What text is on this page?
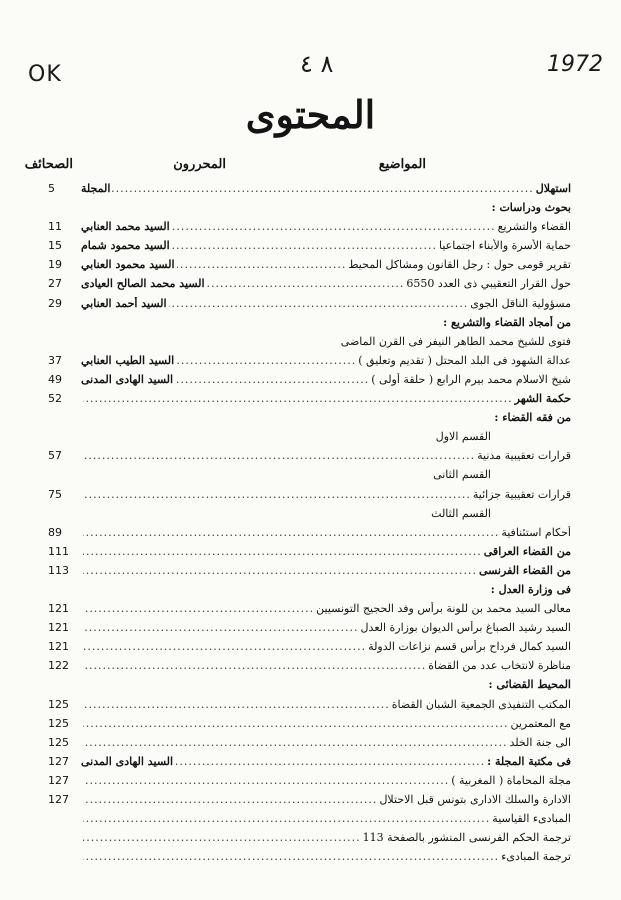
OK	٨ ٤	1972
المحتوى
المواضيع
المحررون
الصحائف
استهلال
.....
المجلة
5
بحوث ودراسات :
القضاء والتشريع
.....
السيد محمد العنابي
11
حماية الأسرة والأبناء اجتماعيا
.....
السيد محمود شمام
15
تقرير قومى حول : رجل القانون ومشاكل المحيط
.....
السيد محمود العنابي
19
حول القرار التعقيبي ذى العدد 6550
.....
السيد محمد الصالح العيادى
27
مسؤولية الناقل الجوى
.....
السيد أحمد العنابي
29
من أمجاد القضاء والتشريع :
فتوى للشيخ محمد الطاهر النيفر فى القرن الماضى
عدالة الشهود فى البلد المحتل ( تقديم وتعليق )
.....
السيد الطيب العنابي
37
شيخ الاسلام محمد بيرم الرابع ( حلقة أولى )
.....
السيد الهادى المدنى
49
حكمة الشهر
.....
52
من فقه القضاء :
القسم الاول
قرارات تعقيبية مدنية
.....
57
القسم الثانى
قرارات تعقيبية جزائية
.....
75
القسم الثالث
أحكام استئنافية
.....
89
من القضاء العراقى
.....
111
من القضاء الفرنسى
.....
113
فى وزارة العدل :
معالى السيد محمد بن للونة برأس وفد الحجيج التونسيين
.....
121
السيد رشيد الصباغ برأس الديوان بوزارة العدل
.....
121
السيد كمال فرداح برأس قسم نزاعات الدولة
.....
121
مناظرة لانتخاب عدد من القضاة
.....
122
المحيط القضائى :
المكتب التنفيذى الجمعية الشبان القضاة
.....
125
مع المعتمرين
.....
125
الى جنة الخلد
.....
125
فى مكتبة المجلة :
.....
السيد الهادى المدنى
127
مجلة المحاماة ( المغربية )
.....
127
الادارة والسلك الادارى بتونس قبل الاحتلال
.....
127
المبادىء القياسية
.....
ترجمة الحكم الفرنسى المنشور بالصفحة 113
.....
ترجمة المبادىء
.....
